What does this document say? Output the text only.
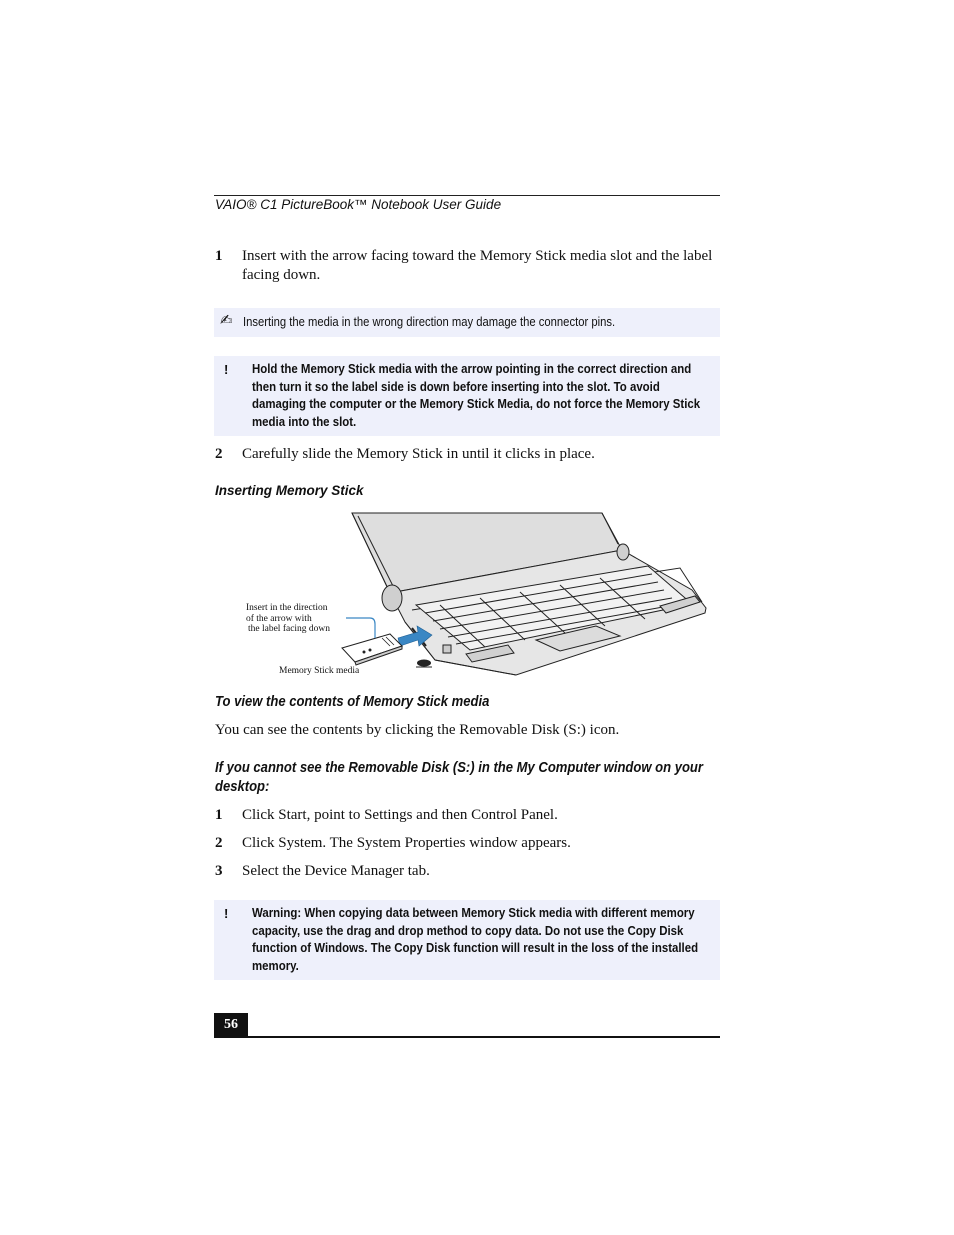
VAIO® C1 PictureBook™ Notebook User Guide
1 Insert with the arrow facing toward the Memory Stick media slot and the label facing down.
✍ Inserting the media in the wrong direction may damage the connector pins.
! Hold the Memory Stick media with the arrow pointing in the correct direction and then turn it so the label side is down before inserting into the slot. To avoid damaging the computer or the Memory Stick Media, do not force the Memory Stick media into the slot.
2 Carefully slide the Memory Stick in until it clicks in place.
Inserting Memory Stick
Insert in the direction
of the arrow with
the label facing down
Memory Stick media
To view the contents of Memory Stick media
You can see the contents by clicking the Removable Disk (S:) icon.
If you cannot see the Removable Disk (S:) in the My Computer window on your
desktop:
1 Click Start, point to Settings and then Control Panel.
2 Click System. The System Properties window appears.
3 Select the Device Manager tab.
! Warning: When copying data between Memory Stick media with different memory capacity, use the drag and drop method to copy data. Do not use the Copy Disk function of Windows. The Copy Disk function will result in the loss of the installed memory.
56
